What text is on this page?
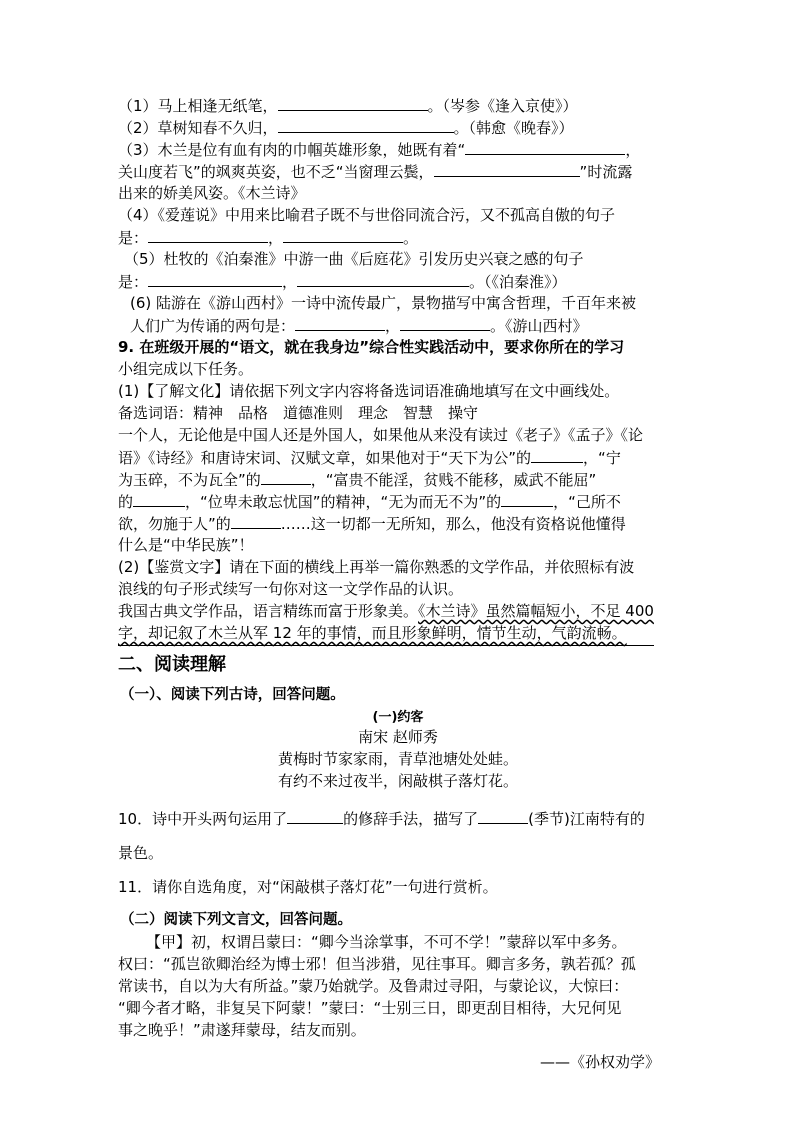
（1）马上相逢无纸笔，	。（岑参《逢入京使》）
（2）草树知春不久归，	。（韩愈《晚春》）
（3）木兰是位有血有肉的巾帼英雄形象，她既有着“	，
关山度若飞”的飒爽英姿，也不乏“当窗理云鬓，	”时流露
出来的娇美风姿。《木兰诗》
（4）《爱莲说》中用来比喻君子既不与世俗同流合污，又不孤高自傲的句子
是：	，	。
（5）杜牧的《泊秦淮》中游一曲《后庭花》引发历史兴衰之感的句子
是：	，	。（《泊秦淮》）
(6) 陆游在《游山西村》一诗中流传最广，景物描写中寓含哲理，千百年来被
人们广为传诵的两句是：	，	。《游山西村》
9. 在班级开展的“语文，就在我身边”综合性实践活动中，要求你所在的学习
小组完成以下任务。
(1)【了解文化】请依据下列文字内容将备选词语准确地填写在文中画线处。
备选词语：精神　品格　道德准则　理念　智慧　操守
一个人，无论他是中国人还是外国人，如果他从来没有读过《老子》《孟子》《论
语》《诗经》和唐诗宋词、汉赋文章，如果他对于“天下为公”的	，“宁
为玉碎，不为瓦全”的	，“富贵不能淫，贫贱不能移，威武不能屈”
的	，“位卑未敢忘忧国”的精神，“无为而无不为”的	，“己所不
欲，勿施于人”的	……这一切都一无所知，那么，他没有资格说他懂得
什么是“中华民族”！
(2)【鉴赏文字】请在下面的横线上再举一篇你熟悉的文学作品，并依照标有波
浪线的句子形式续写一句你对这一文学作品的认识。
我国古典文学作品，语言精练而富于形象美。《木兰诗》虽然篇幅短小，不足 400
字，却记叙了木兰从军 12 年的事情，而且形象鲜明，情节生动，气韵流畅。
二、阅读理解
（一）、阅读下列古诗，回答问题。
(一)约客
南宋 赵师秀
黄梅时节家家雨，青草池塘处处蛙。
有约不来过夜半，闲敲棋子落灯花。
10．诗中开头两句运用了	的修辞手法，描写了	(季节)江南特有的
景色。
11．请你自选角度，对“闲敲棋子落灯花”一句进行赏析。
（二）阅读下列文言文，回答问题。
【甲】初，权谓吕蒙曰：“卿今当涂掌事，不可不学！”蒙辞以军中多务。
权曰：“孤岂欲卿治经为博士邪！但当涉猎，见往事耳。卿言多务，孰若孤？孤
常读书，自以为大有所益。”蒙乃始就学。及鲁肃过寻阳，与蒙论议，大惊曰：
“卿今者才略，非复吴下阿蒙！”蒙曰：“士别三日，即更刮目相待，大兄何见
事之晚乎！”肃遂拜蒙母，结友而别。
——《孙权劝学》
